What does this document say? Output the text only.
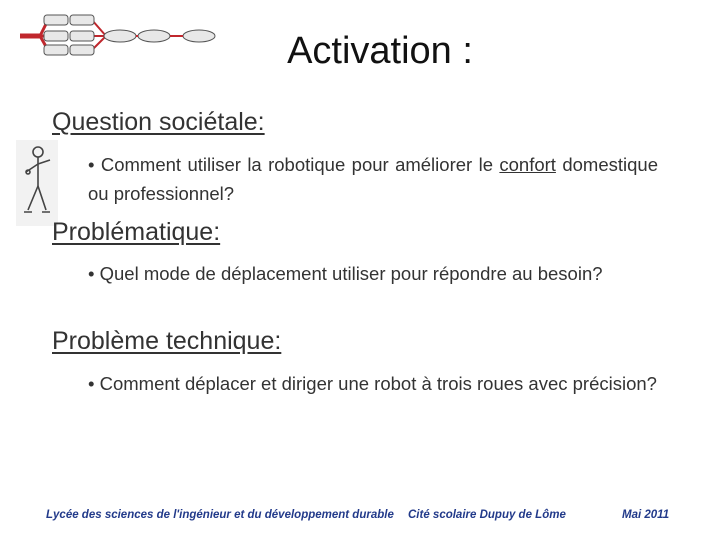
Activation :
Question sociétale:
• Comment utiliser la robotique pour améliorer le confort domestique ou professionnel?
Problématique:
• Quel mode de déplacement utiliser pour répondre au besoin?
Problème technique:
• Comment déplacer et diriger une robot à trois roues avec précision?
Lycée des sciences de l'ingénieur et du développement durable Cité scolaire Dupuy de Lôme	Mai 2011
